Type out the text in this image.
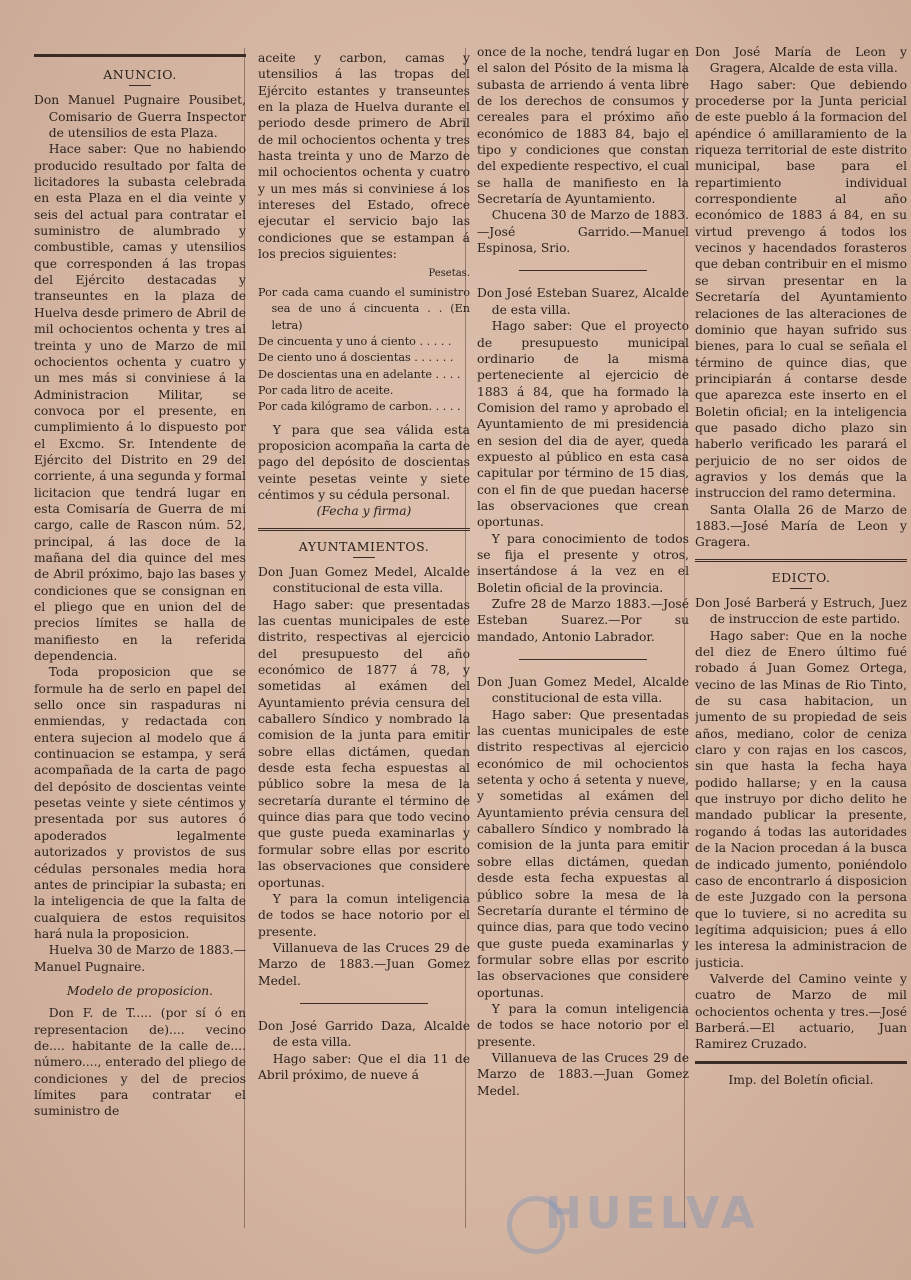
ANUNCIO.

Don Manuel Pugnaire Pousibet, Comisario de Guerra Inspector de utensilios de esta Plaza.

Hace saber: Que no habiendo producido resultado por falta de licitadores la subasta celebrada en esta Plaza en el dia veinte y seis del actual para contratar el suministro de alumbrado y combustible, camas y utensilios que corresponden á las tropas del Ejército destacadas y transeuntes en la plaza de Huelva desde primero de Abril de mil ochocientos ochenta y tres al treinta y uno de Marzo de mil ochocientos ochenta y cuatro y un mes más si conviniese á la Administracion Militar, se convoca por el presente, en cumplimiento á lo dispuesto por el Excmo. Sr. Intendente de Ejército del Distrito en 29 del corriente, á una segunda y formal licitacion que tendrá lugar en esta Comisaría de Guerra de mi cargo, calle de Rascon núm. 52, principal, á las doce de la mañana del dia quince del mes de Abril próximo, bajo las bases y condiciones que se consignan en el pliego que en union del de precios límites se halla de manifiesto en la referida dependencia.

Toda proposicion que se formule ha de serlo en papel del sello once sin raspaduras ni enmiendas, y redactada con entera sujecion al modelo que á continuacion se estampa, y será acompañada de la carta de pago del depósito de doscientas veinte pesetas veinte y siete céntimos y presentada por sus autores ó apoderados legalmente autorizados y provistos de sus cédulas personales media hora antes de principiar la subasta; en la inteligencia de que la falta de cualquiera de estos requisitos hará nula la proposicion.

Huelva 30 de Marzo de 1883.—Manuel Pugnaire.

Modelo de proposicion.

Don F. de T..... (por sí ó en representacion de).... vecino de.... habitante de la calle de.... número...., enterado del pliego de condiciones y del de precios límites para contratar el suministro de

aceite y carbon, camas y utensilios á las tropas del Ejército estantes y transeuntes en la plaza de Huelva durante el periodo desde primero de Abril de mil ochocientos ochenta y tres hasta treinta y uno de Marzo de mil ochocientos ochenta y cuatro y un mes más si conviniese á los intereses del Estado, ofrece ejecutar el servicio bajo las condiciones que se estampan á los precios siguientes:

Pesetas.
Por cada cama cuando el suministro sea de uno á cincuenta . . (En letra)
De cincuenta y uno á ciento . . . . .
De ciento uno á doscientas . . . . . .
De doscientas una en adelante . . . .
Por cada litro de aceite.
Por cada kilógramo de carbon. . . . .

Y para que sea válida esta proposicion acompaña la carta de pago del depósito de doscientas veinte pesetas veinte y siete céntimos y su cédula personal.

(Fecha y firma)

AYUNTAMIENTOS.

Don Juan Gomez Medel, Alcalde constitucional de esta villa.

Hago saber: que presentadas las cuentas municipales de este distrito, respectivas al ejercicio del presupuesto del año económico de 1877 á 78, y sometidas al exámen del Ayuntamiento prévia censura del caballero Síndico y nombrado la comision de la junta para emitir sobre ellas dictámen, quedan desde esta fecha espuestas al público sobre la mesa de la secretaría durante el término de quince dias para que todo vecino que guste pueda examinarlas y formular sobre ellas por escrito las observaciones que considere oportunas.

Y para la comun inteligencia de todos se hace notorio por el presente.

Villanueva de las Cruces 29 de Marzo de 1883.—Juan Gomez Medel.

Don José Garrido Daza, Alcalde de esta villa.

Hago saber: Que el dia 11 de Abril próximo, de nueve á

once de la noche, tendrá lugar en el salon del Pósito de la misma la subasta de arriendo á venta libre de los derechos de consumos y cereales para el próximo año económico de 1883 84, bajo el tipo y condiciones que constan del expediente respectivo, el cual se halla de manifiesto en la Secretaría de Ayuntamiento.

Chucena 30 de Marzo de 1883.—José Garrido.—Manuel Espinosa, Srio.

Don José Esteban Suarez, Alcalde de esta villa.

Hago saber: Que el proyecto de presupuesto municipal ordinario de la misma perteneciente al ejercicio de 1883 á 84, que ha formado la Comision del ramo y aprobado el Ayuntamiento de mi presidencia en sesion del dia de ayer, queda expuesto al público en esta casa capitular por término de 15 dias, con el fin de que puedan hacerse las observaciones que crean oportunas.

Y para conocimiento de todos se fija el presente y otros, insertándose á la vez en el Boletin oficial de la provincia.

Zufre 28 de Marzo 1883.—José Esteban Suarez.—Por su mandado, Antonio Labrador.

Don Juan Gomez Medel, Alcalde constitucional de esta villa.

Hago saber: Que presentadas las cuentas municipales de este distrito respectivas al ejercicio económico de mil ochocientos setenta y ocho á setenta y nueve, y sometidas al exámen del Ayuntamiento prévia censura del caballero Síndico y nombrado la comision de la junta para emitir sobre ellas dictámen, quedan desde esta fecha expuestas al público sobre la mesa de la Secretaría durante el término de quince dias, para que todo vecino que guste pueda examinarlas y formular sobre ellas por escrito las observaciones que considere oportunas.

Y para la comun inteligencia de todos se hace notorio por el presente.

Villanueva de las Cruces 29 de Marzo de 1883.—Juan Gomez Medel.

Don José María de Leon y Gragera, Alcalde de esta villa.

Hago saber: Que debiendo procederse por la Junta pericial de este pueblo á la formacion del apéndice ó amillaramiento de la riqueza territorial de este distrito municipal, base para el repartimiento individual correspondiente al año económico de 1883 á 84, en su virtud prevengo á todos los vecinos y hacendados forasteros que deban contribuir en el mismo se sirvan presentar en la Secretaría del Ayuntamiento relaciones de las alteraciones de dominio que hayan sufrido sus bienes, para lo cual se señala el término de quince dias, que principiarán á contarse desde que aparezca este inserto en el Boletin oficial; en la inteligencia que pasado dicho plazo sin haberlo verificado les parará el perjuicio de no ser oidos de agravios y los demás que la instruccion del ramo determina.

Santa Olalla 26 de Marzo de 1883.—José María de Leon y Gragera.

EDICTO.

Don José Barberá y Estruch, Juez de instruccion de este partido.

Hago saber: Que en la noche del diez de Enero último fué robado á Juan Gomez Ortega, vecino de las Minas de Rio Tinto, de su casa habitacion, un jumento de su propiedad de seis años, mediano, color de ceniza claro y con rajas en los cascos, sin que hasta la fecha haya podido hallarse; y en la causa que instruyo por dicho delito he mandado publicar la presente, rogando á todas las autoridades de la Nacion procedan á la busca de indicado jumento, poniéndolo caso de encontrarlo á disposicion de este Juzgado con la persona que lo tuviere, si no acredita su legítima adquisicion; pues á ello les interesa la administracion de justicia.

Valverde del Camino veinte y cuatro de Marzo de mil ochocientos ochenta y tres.—José Barberá.—El actuario, Juan Ramirez Cruzado.

Imp. del Boletín oficial.
HUELVA
